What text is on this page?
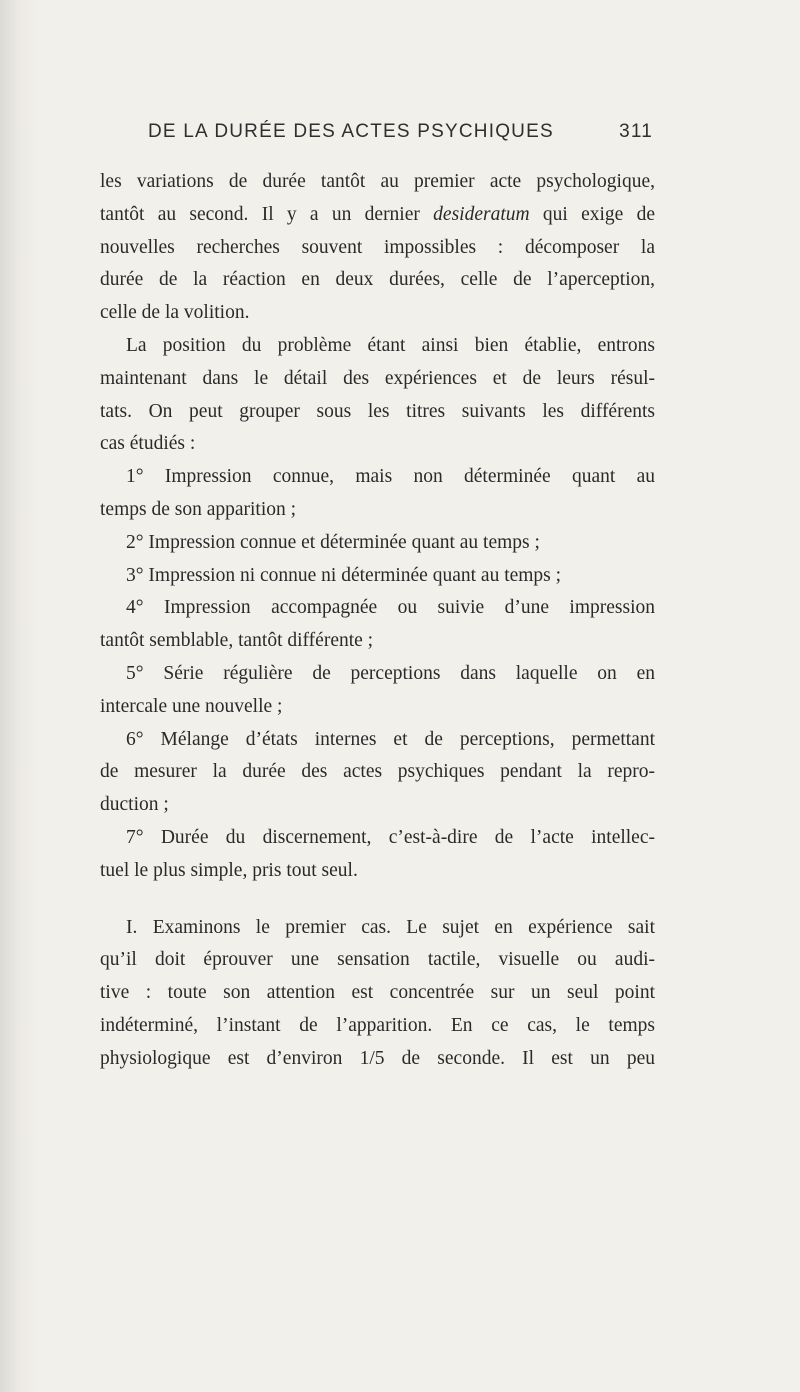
DE LA DURÉE DES ACTES PSYCHIQUES	311
les variations de durée tantôt au premier acte psychologique,
tantôt au second. Il y a un dernier desideratum qui exige de
nouvelles recherches souvent impossibles : décomposer la
durée de la réaction en deux durées, celle de l’aperception,
celle de la volition.
La position du problème étant ainsi bien établie, entrons
maintenant dans le détail des expériences et de leurs résul-
tats. On peut grouper sous les titres suivants les différents
cas étudiés :
1° Impression connue, mais non déterminée quant au
temps de son apparition ;
2° Impression connue et déterminée quant au temps ;
3° Impression ni connue ni déterminée quant au temps ;
4° Impression accompagnée ou suivie d’une impression
tantôt semblable, tantôt différente ;
5° Série régulière de perceptions dans laquelle on en
intercale une nouvelle ;
6° Mélange d’états internes et de perceptions, permettant
de mesurer la durée des actes psychiques pendant la repro-
duction ;
7° Durée du discernement, c’est-à-dire de l’acte intellec-
tuel le plus simple, pris tout seul.
I. Examinons le premier cas. Le sujet en expérience sait
qu’il doit éprouver une sensation tactile, visuelle ou audi-
tive : toute son attention est concentrée sur un seul point
indéterminé, l’instant de l’apparition. En ce cas, le temps
physiologique est d’environ 1/5 de seconde. Il est un peu
